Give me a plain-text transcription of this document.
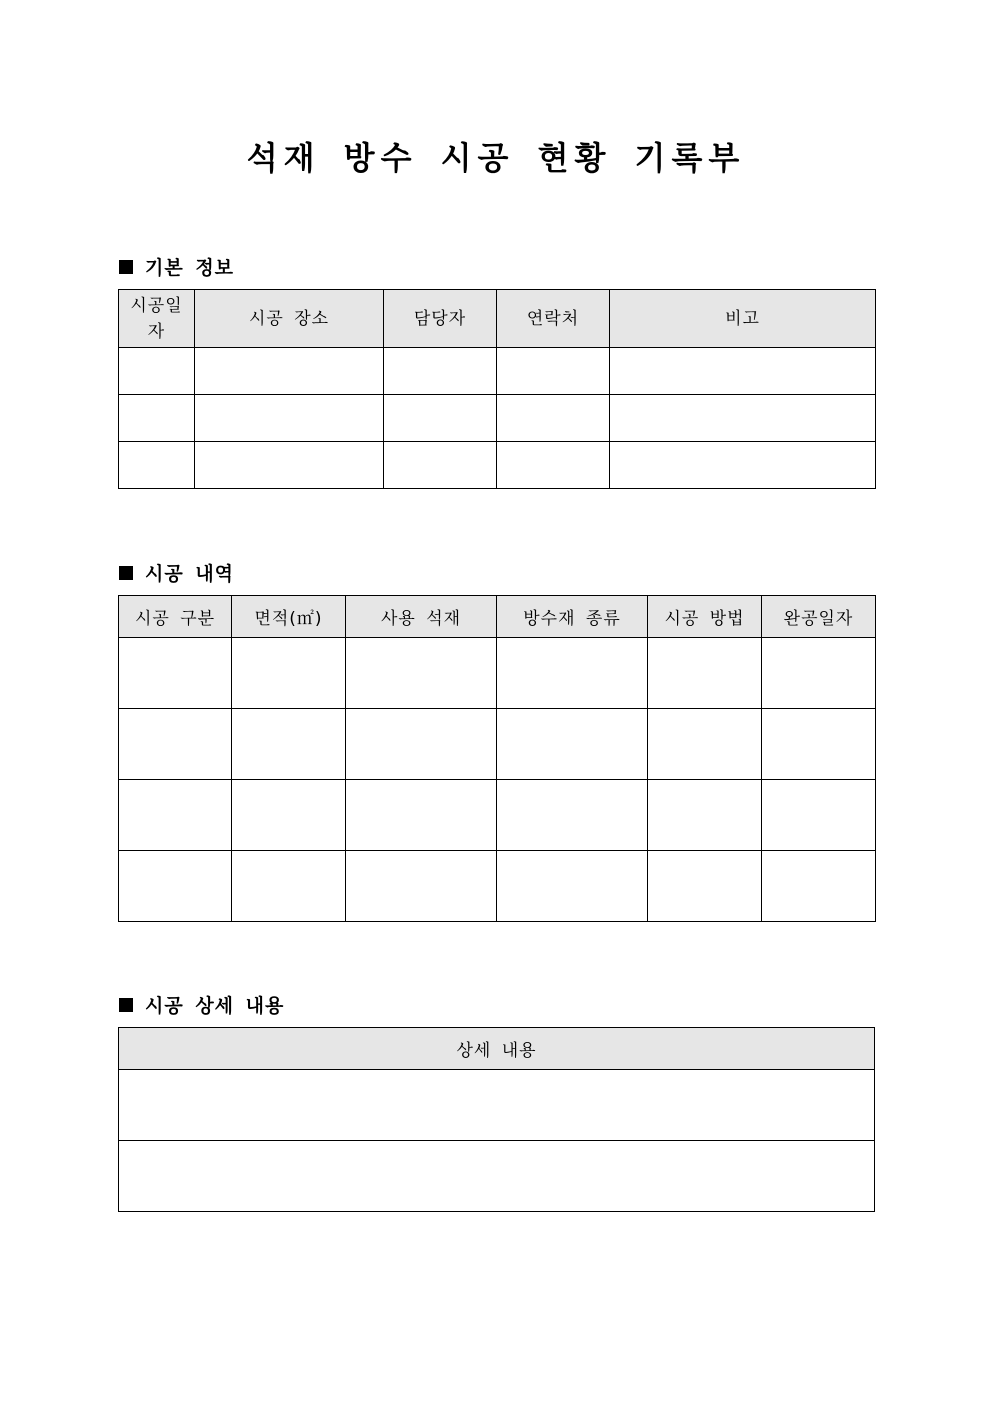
석재 방수 시공 현황 기록부
기본 정보
시공일자	시공 장소	담당자	연락처	비고

시공 내역
시공 구분	면적(㎡)	사용 석재	방수재 종류	시공 방법	완공일자

시공 상세 내용
상세 내용
